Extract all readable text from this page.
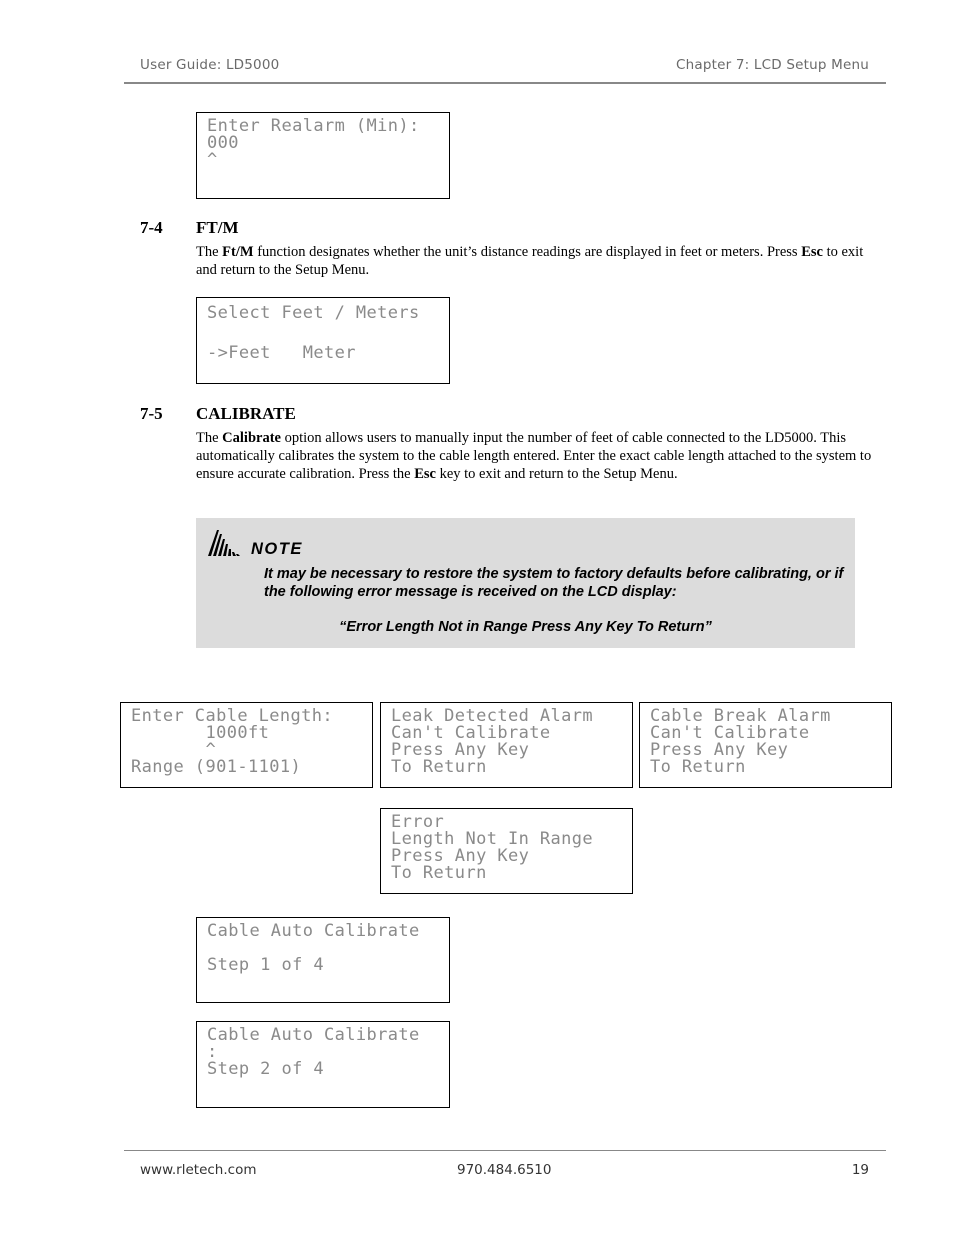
User Guide: LD5000	Chapter 7: LCD Setup Menu
Enter Realarm (Min):
000
^
7-4 FT/M
The Ft/M function designates whether the unit’s distance readings are displayed in feet or meters. Press Esc to exit and return to the Setup Menu.
Select Feet / Meters
->Feet   Meter
7-5 CALIBRATE
The Calibrate option allows users to manually input the number of feet of cable connected to the LD5000. This automatically calibrates the system to the cable length entered. Enter the exact cable length attached to the system to ensure accurate calibration. Press the Esc key to exit and return to the Setup Menu.
NOTE
It may be necessary to restore the system to factory defaults before calibrating, or if the following error message is received on the LCD display:
“Error Length Not in Range Press Any Key To Return”
Enter Cable Length:
1000ft
^
Range (901-1101)
Leak Detected Alarm
Can't Calibrate
Press Any Key
To Return
Cable Break Alarm
Can't Calibrate
Press Any Key
To Return
Error
Length Not In Range
Press Any Key
To Return
Cable Auto Calibrate
Step 1 of 4
Cable Auto Calibrate
:
Step 2 of 4
www.rletech.com	970.484.6510	19
